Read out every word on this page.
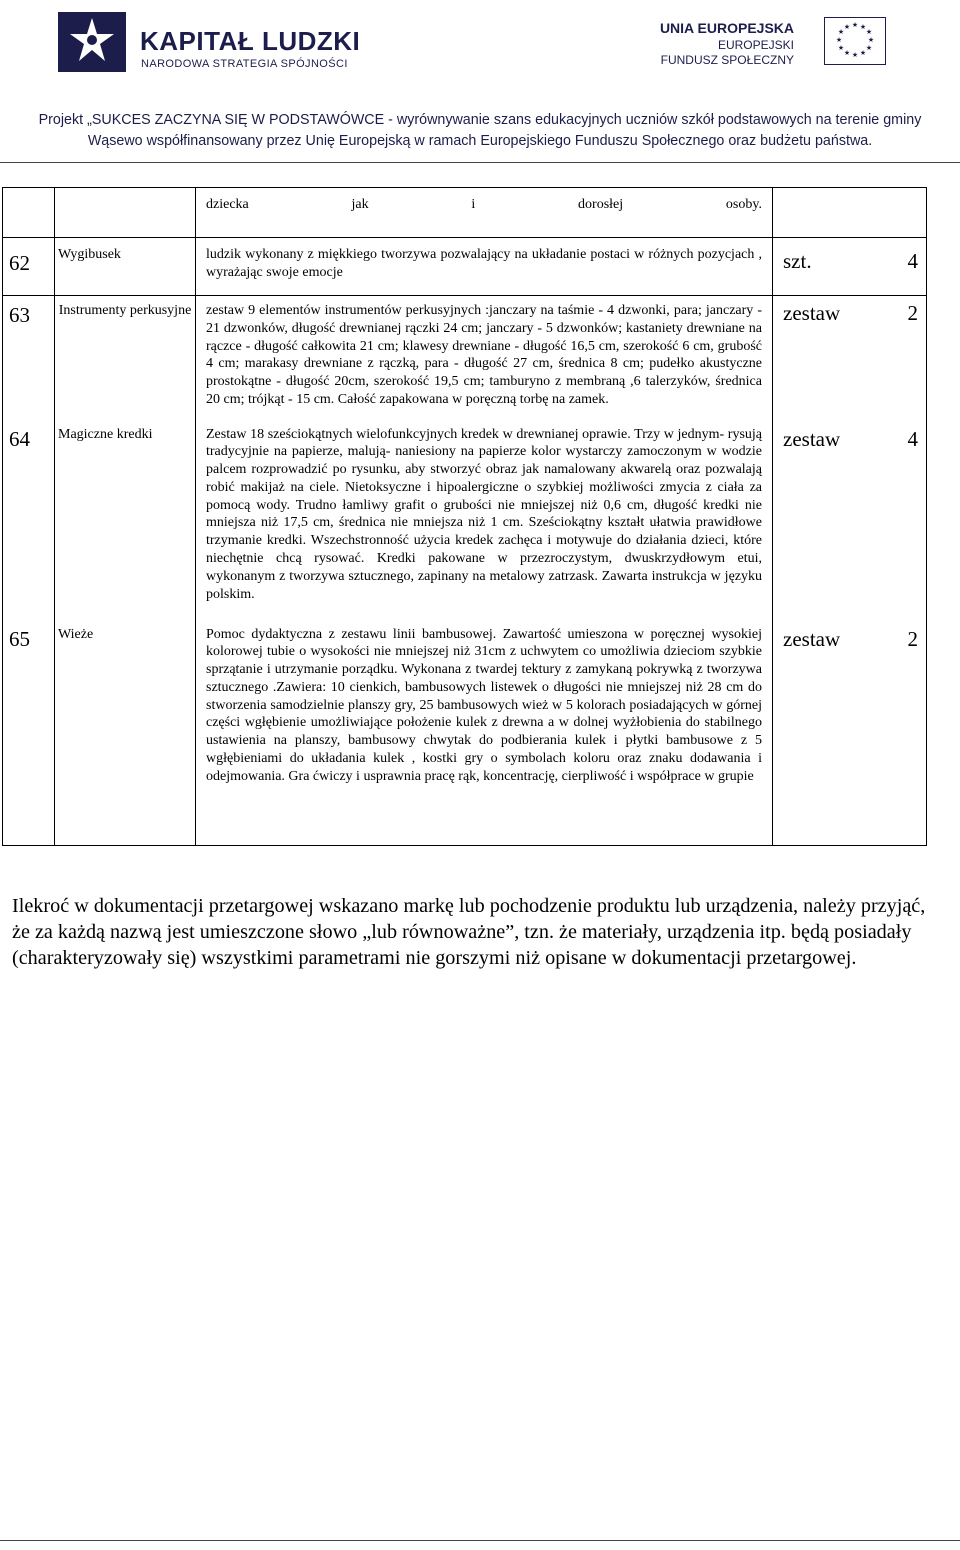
KAPITAŁ LUDZKI
NARODOWA STRATEGIA SPÓJNOŚCI
UNIA EUROPEJSKA
EUROPEJSKI
FUNDUSZ SPOŁECZNY
★ ★
★
★
★
★
★
★
★
★
★
★
Projekt „SUKCES ZACZYNA SIĘ W PODSTAWÓWCE - wyrównywanie szans edukacyjnych uczniów szkół podstawowych na terenie gminy
Wąsewo współfinansowany przez Unię Europejską w ramach Europejskiego Funduszu Społecznego oraz budżetu państwa.

		dziecka jak i dorosłej osoby.	

62	Wygibusek	ludzik wykonany z miękkiego tworzywa pozwalający na układanie postaci w różnych pozycjach , wyrażając swoje emocje	szt. 4

63	Instrumenty perkusyjne	zestaw 9 elementów instrumentów perkusyjnych :janczary na taśmie - 4 dzwonki, para; janczary - 21 dzwonków, długość drewnianej rączki 24 cm; janczary - 5 dzwonków; kastaniety drewniane na rączce - długość całkowita 21 cm; klawesy drewniane - długość 16,5 cm, szerokość 6 cm, grubość 4 cm; marakasy drewniane z rączką, para - długość 27 cm, średnica 8 cm; pudełko akustyczne prostokątne - długość 20cm, szerokość 19,5 cm; tamburyno z membraną ,6 talerzyków, średnica 20 cm; trójkąt - 15 cm. Całość zapakowana w poręczną torbę na zamek.	zestaw 2

64	Magiczne kredki	Zestaw 18 sześciokątnych wielofunkcyjnych kredek w drewnianej oprawie. Trzy w jednym- rysują tradycyjnie na papierze, malują- naniesiony na papierze kolor wystarczy zamoczonym w wodzie palcem rozprowadzić po rysunku, aby stworzyć obraz jak namalowany akwarelą oraz pozwalają robić makijaż na ciele. Nietoksyczne i hipoalergiczne o szybkiej możliwości zmycia z ciała za pomocą wody. Trudno łamliwy grafit o grubości nie mniejszej niż 0,6 cm, długość kredki nie mniejsza niż 17,5 cm, średnica nie mniejsza niż 1 cm. Sześciokątny kształt ułatwia prawidłowe trzymanie kredki. Wszechstronność użycia kredek zachęca i motywuje do działania dzieci, które niechętnie chcą rysować. Kredki pakowane w przezroczystym, dwuskrzydłowym etui, wykonanym z tworzywa sztucznego, zapinany na metalowy zatrzask. Zawarta instrukcja w języku polskim.	zestaw 4

65	Wieże	Pomoc dydaktyczna z zestawu linii bambusowej. Zawartość umieszona w poręcznej wysokiej kolorowej tubie o wysokości nie mniejszej niż 31cm z uchwytem co umożliwia dzieciom szybkie sprzątanie i utrzymanie porządku. Wykonana z twardej tektury z zamykaną pokrywką z tworzywa sztucznego .Zawiera: 10 cienkich, bambusowych listewek o długości nie mniejszej niż 28 cm do stworzenia samodzielnie planszy gry, 25 bambusowych wież w 5 kolorach posiadających w górnej części wgłębienie umożliwiające położenie kulek z drewna a w dolnej wyżłobienia do stabilnego ustawienia na planszy, bambusowy chwytak do podbierania kulek i płytki bambusowe z 5 wgłębieniami do układania kulek , kostki gry o symbolach koloru oraz znaku dodawania i odejmowania. Gra ćwiczy i usprawnia pracę rąk, koncentrację, cierpliwość i współprace w grupie	zestaw 2
Ilekroć w dokumentacji przetargowej wskazano markę lub pochodzenie produktu lub urządzenia, należy przyjąć, że za każdą nazwą jest umieszczone słowo „lub równoważne”, tzn. że materiały, urządzenia itp. będą posiadały (charakteryzowały się) wszystkimi parametrami nie gorszymi niż opisane w dokumentacji przetargowej.
